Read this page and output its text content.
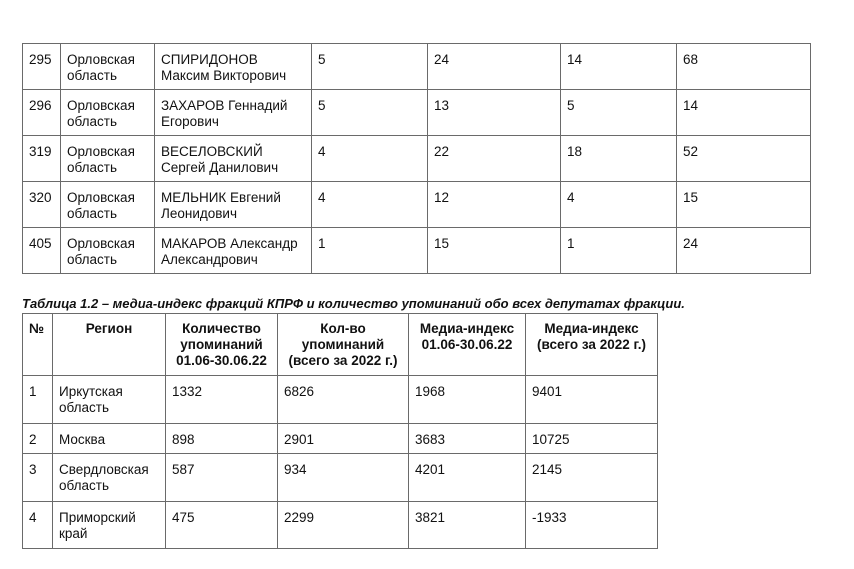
295	Орловская область	СПИРИДОНОВ Максим Викторович	5	24	14	68
296	Орловская область	ЗАХАРОВ Геннадий Егорович	5	13	5	14
319	Орловская область	ВЕСЕЛОВСКИЙ Сергей Данилович	4	22	18	52
320	Орловская область	МЕЛЬНИК Евгений Леонидович	4	12	4	15
405	Орловская область	МАКАРОВ Александр Александрович	1	15	1	24
Таблица 1.2 – медиа-индекс фракций КПРФ и количество упоминаний обо всех депутатах фракции.
№	Регион	Количество упоминаний 01.06-30.06.22	Кол-во упоминаний (всего за 2022 г.)	Медиа-индекс 01.06-30.06.22	Медиа-индекс (всего за 2022 г.)
1	Иркутская область	1332	6826	1968	9401
2	Москва	898	2901	3683	10725
3	Свердловская область	587	934	4201	2145
4	Приморский край	475	2299	3821	-1933
